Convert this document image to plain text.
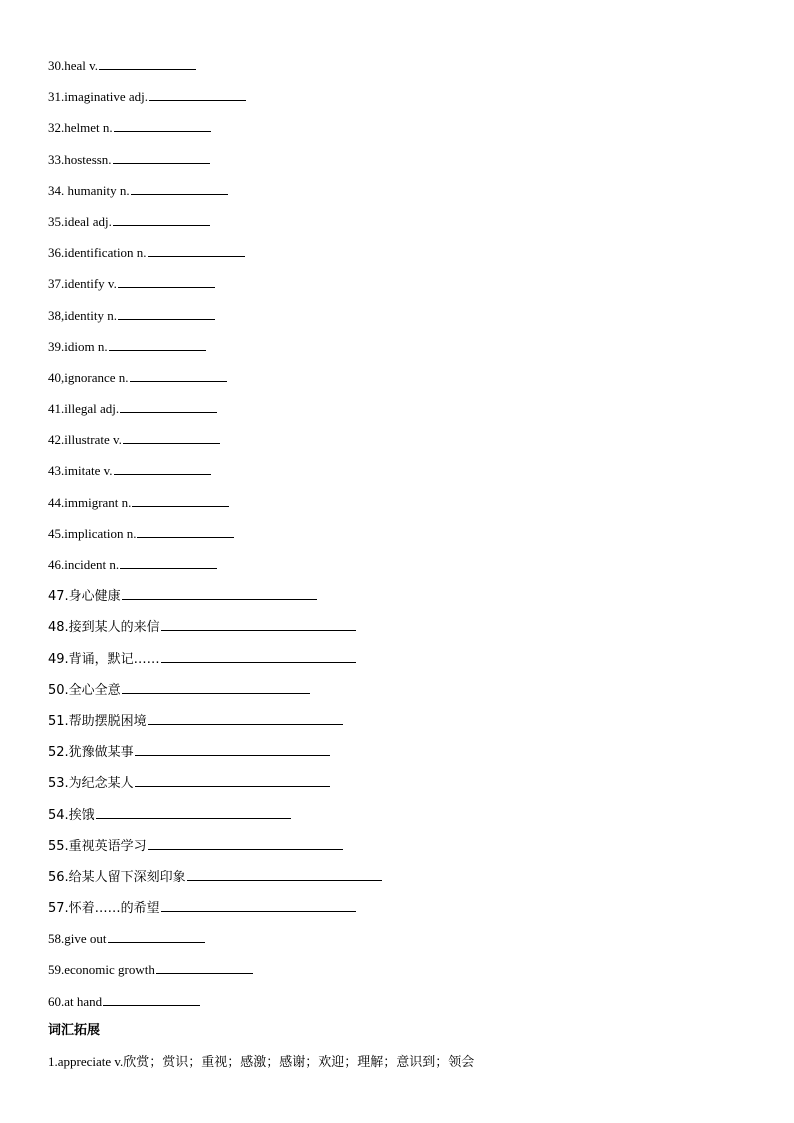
30.heal v.
31.imaginative adj.
32.helmet n.
33.hostessn.
34. humanity n.
35.ideal adj.
36.identification n.
37.identify v.
38,identity n.
39.idiom n.
40,ignorance n.
41.illegal adj.
42.illustrate v.
43.imitate v.
44.immigrant n.
45.implication n.
46.incident n.
47.身心健康
48.接到某人的来信
49.背诵，默记……
50.全心全意
51.帮助摆脱困境
52.犹豫做某事
53.为纪念某人
54.挨饿
55.重视英语学习
56.给某人留下深刻印象
57.怀着……的希望
58.give out
59.economic growth
60.at hand
词汇拓展
1.appreciate v.欣赏；赏识；重视；感激；感谢；欢迎；理解；意识到；领会
